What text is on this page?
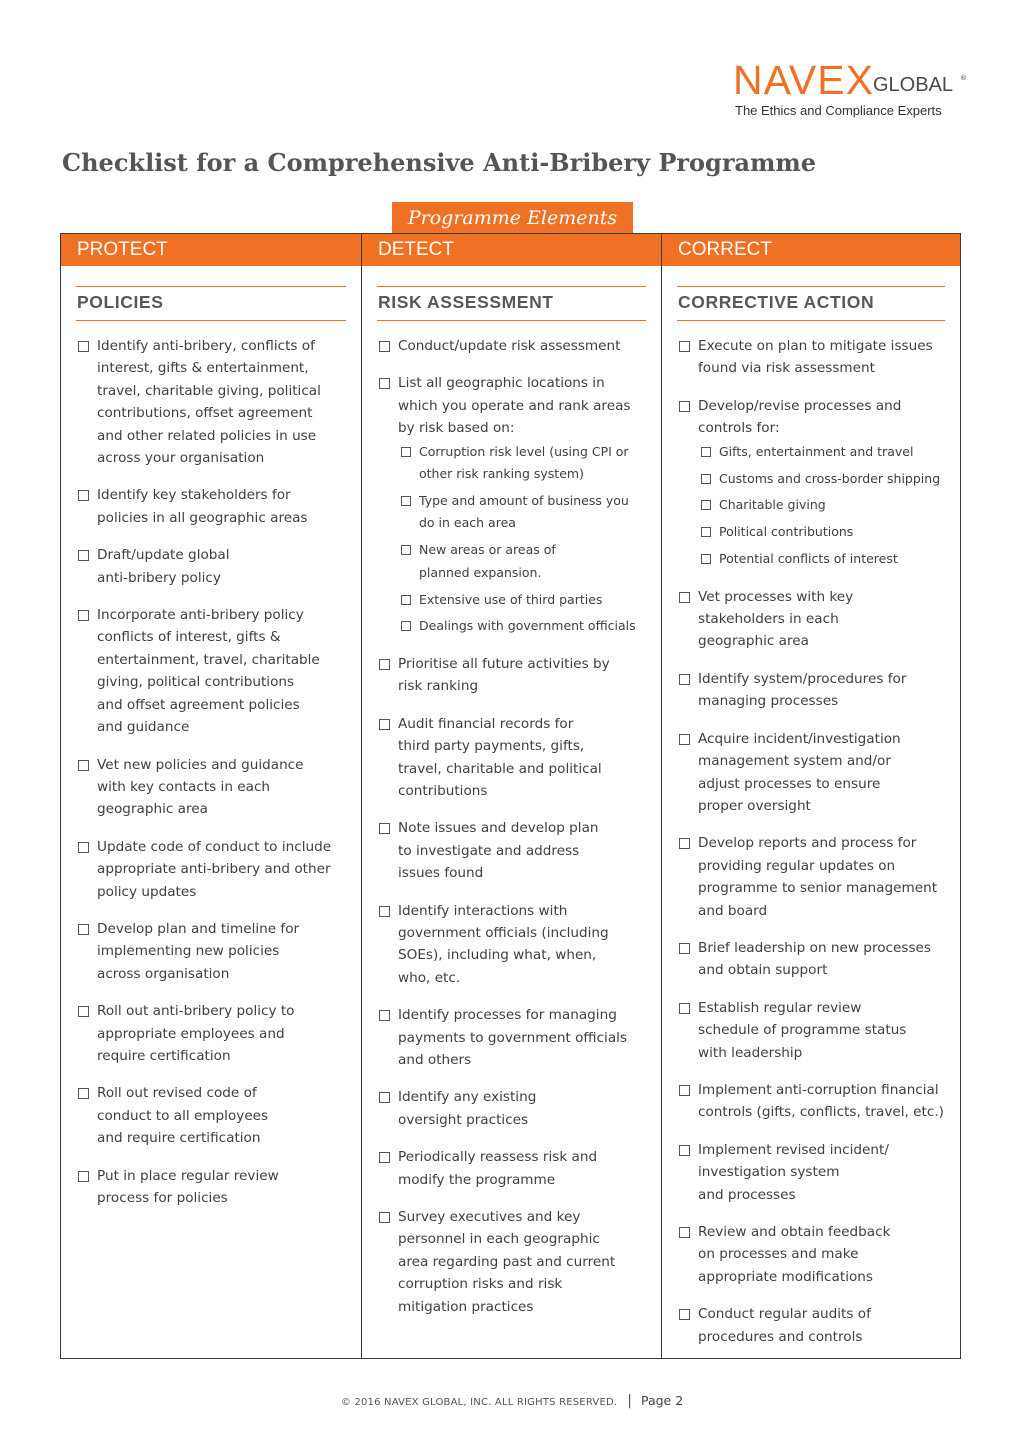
NAVEX GLOBAL ®
The Ethics and Compliance Experts
Checklist for a Comprehensive Anti-Bribery Programme
Programme Elements
PROTECT
POLICIES
Identify anti-bribery, conflicts of
interest, gifts & entertainment,
travel, charitable giving, political
contributions, offset agreement
and other related policies in use
across your organisation
Identify key stakeholders for
policies in all geographic areas
Draft/update global
anti-bribery policy
Incorporate anti-bribery policy
conflicts of interest, gifts &
entertainment, travel, charitable
giving, political contributions
and offset agreement policies
and guidance
Vet new policies and guidance
with key contacts in each
geographic area
Update code of conduct to include
appropriate anti-bribery and other
policy updates
Develop plan and timeline for
implementing new policies
across organisation
Roll out anti-bribery policy to
appropriate employees and
require certification
Roll out revised code of
conduct to all employees
and require certification
Put in place regular review
process for policies
DETECT
RISK ASSESSMENT
Conduct/update risk assessment
List all geographic locations in
which you operate and rank areas
by risk based on:
Corruption risk level (using CPI or
other risk ranking system)
Type and amount of business you
do in each area
New areas or areas of
planned expansion.
Extensive use of third parties
Dealings with government officials
Prioritise all future activities by
risk ranking
Audit financial records for
third party payments, gifts,
travel, charitable and political
contributions
Note issues and develop plan
to investigate and address
issues found
Identify interactions with
government officials (including
SOEs), including what, when,
who, etc.
Identify processes for managing
payments to government officials
and others
Identify any existing
oversight practices
Periodically reassess risk and
modify the programme
Survey executives and key
personnel in each geographic
area regarding past and current
corruption risks and risk
mitigation practices
CORRECT
CORRECTIVE ACTION
Execute on plan to mitigate issues
found via risk assessment
Develop/revise processes and
controls for:
Gifts, entertainment and travel
Customs and cross-border shipping
Charitable giving
Political contributions
Potential conflicts of interest
Vet processes with key
stakeholders in each
geographic area
Identify system/procedures for
managing processes
Acquire incident/investigation
management system and/or
adjust processes to ensure
proper oversight
Develop reports and process for
providing regular updates on
programme to senior management
and board
Brief leadership on new processes
and obtain support
Establish regular review
schedule of programme status
with leadership
Implement anti-corruption financial
controls (gifts, conflicts, travel, etc.)
Implement revised incident/
investigation system
and processes
Review and obtain feedback
on processes and make
appropriate modifications
Conduct regular audits of
procedures and controls
© 2016 NAVEX GLOBAL, INC. ALL RIGHTS RESERVED. | Page 2
